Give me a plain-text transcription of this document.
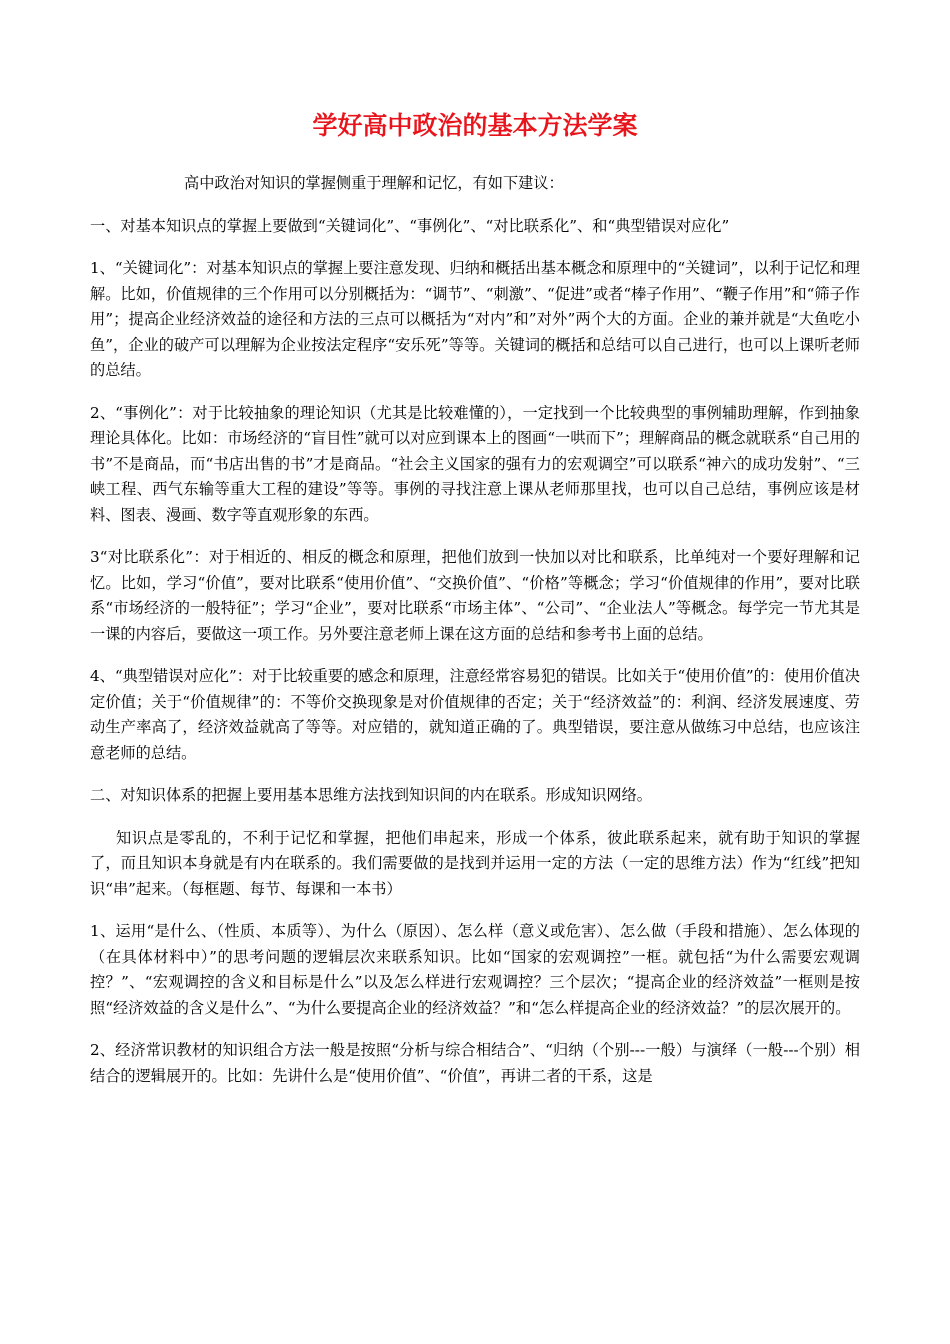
学好高中政治的基本方法学案

高中政治对知识的掌握侧重于理解和记忆，有如下建议：

一、对基本知识点的掌握上要做到“关键词化”、“事例化”、“对比联系化”、和“典型错误对应化”

1、“关键词化”：对基本知识点的掌握上要注意发现、归纳和概括出基本概念和原理中的“关键词”，以利于记忆和理解。比如，价值规律的三个作用可以分别概括为：“调节”、“刺激”、“促进”或者“棒子作用”、“鞭子作用”和“筛子作用”；提高企业经济效益的途径和方法的三点可以概括为“对内”和”对外”两个大的方面。企业的兼并就是“大鱼吃小鱼”，企业的破产可以理解为企业按法定程序“安乐死”等等。关键词的概括和总结可以自己进行，也可以上课听老师的总结。

2、“事例化”：对于比较抽象的理论知识（尤其是比较难懂的），一定找到一个比较典型的事例辅助理解，作到抽象理论具体化。比如：市场经济的“盲目性”就可以对应到课本上的图画“一哄而下”；理解商品的概念就联系“自己用的书”不是商品，而“书店出售的书”才是商品。“社会主义国家的强有力的宏观调空”可以联系“神六的成功发射”、“三峡工程、西气东输等重大工程的建设”等等。事例的寻找注意上课从老师那里找，也可以自己总结，事例应该是材料、图表、漫画、数字等直观形象的东西。

3“对比联系化”：对于相近的、相反的概念和原理，把他们放到一快加以对比和联系，比单纯对一个要好理解和记忆。比如，学习“价值”，要对比联系“使用价值”、“交换价值”、“价格”等概念；学习“价值规律的作用”，要对比联系“市场经济的一般特征”；学习“企业”，要对比联系“市场主体”、“公司”、“企业法人”等概念。每学完一节尤其是一课的内容后，要做这一项工作。另外要注意老师上课在这方面的总结和参考书上面的总结。

4、“典型错误对应化”：对于比较重要的感念和原理，注意经常容易犯的错误。比如关于“使用价值”的：使用价值决定价值；关于“价值规律”的：不等价交换现象是对价值规律的否定；关于“经济效益”的：利润、经济发展速度、劳动生产率高了，经济效益就高了等等。对应错的，就知道正确的了。典型错误，要注意从做练习中总结，也应该注意老师的总结。

二、对知识体系的把握上要用基本思维方法找到知识间的内在联系。形成知识网络。

知识点是零乱的，不利于记忆和掌握，把他们串起来，形成一个体系，彼此联系起来，就有助于知识的掌握了，而且知识本身就是有内在联系的。我们需要做的是找到并运用一定的方法（一定的思维方法）作为“红线”把知识“串”起来。（每框题、每节、每课和一本书）

1、运用“是什么、（性质、本质等）、为什么（原因）、怎么样（意义或危害）、怎么做（手段和措施）、怎么体现的（在具体材料中）”的思考问题的逻辑层次来联系知识。比如“国家的宏观调控”一框。就包括“为什么需要宏观调控？”、“宏观调控的含义和目标是什么”以及怎么样进行宏观调控？三个层次；“提高企业的经济效益”一框则是按照“经济效益的含义是什么”、“为什么要提高企业的经济效益？”和“怎么样提高企业的经济效益？”的层次展开的。

2、经济常识教材的知识组合方法一般是按照“分析与综合相结合”、“归纳（个别---一般）与演绎（一般---个别）相结合的逻辑展开的。比如：先讲什么是“使用价值”、“价值”，再讲二者的干系，这是
